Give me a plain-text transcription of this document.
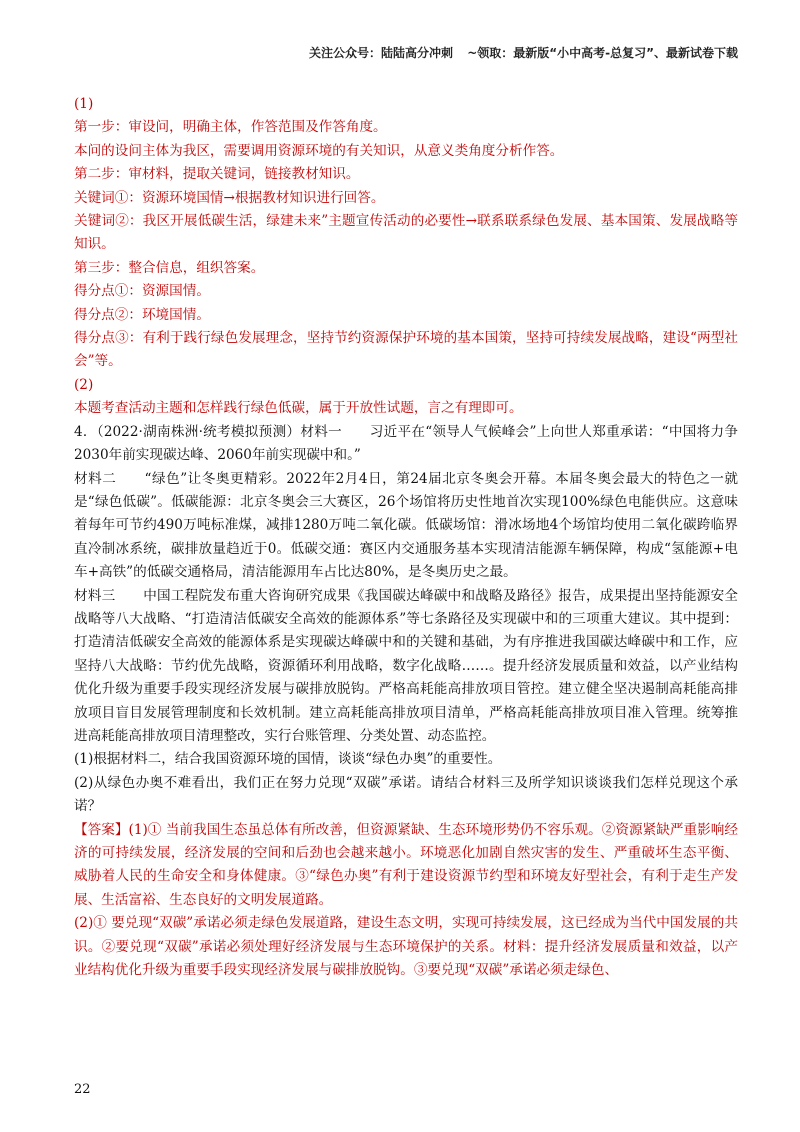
关注公众号：陆陆高分冲刺 ~领取：最新版“小中高考-总复习”、最新试卷下载

(1)

第一步：审设问，明确主体，作答范围及作答角度。

本问的设问主体为我区，需要调用资源环境的有关知识，从意义类角度分析作答。

第二步：审材料，提取关键词，链接教材知识。

关键词①：资源环境国情→根据教材知识进行回答。

关键词②：我区开展低碳生活，绿建未来”主题宣传活动的必要性→联系联系绿色发展、基本国策、发展战略等知识。

第三步：整合信息，组织答案。

得分点①：资源国情。

得分点②：环境国情。

得分点③：有利于践行绿色发展理念，坚持节约资源保护环境的基本国策，坚持可持续发展战略，建设“两型社会”等。

(2)

本题考查活动主题和怎样践行绿色低碳，属于开放性试题，言之有理即可。

4．（2022·湖南株洲·统考模拟预测）材料一　　习近平在“领导人气候峰会”上向世人郑重承诺：“中国将力争2030年前实现碳达峰、2060年前实现碳中和。”

材料二　　“绿色”让冬奥更精彩。2022年2月4日，第24届北京冬奥会开幕。本届冬奥会最大的特色之一就是“绿色低碳”。低碳能源：北京冬奥会三大赛区，26个场馆将历史性地首次实现100%绿色电能供应。这意味着每年可节约490万吨标准煤，减排1280万吨二氧化碳。低碳场馆：滑冰场地4个场馆均使用二氧化碳跨临界直冷制冰系统，碳排放量趋近于0。低碳交通：赛区内交通服务基本实现清洁能源车辆保障，构成“氢能源+电车+高铁”的低碳交通格局，清洁能源用车占比达80%，是冬奥历史之最。

材料三　　中国工程院发布重大咨询研究成果《我国碳达峰碳中和战略及路径》报告，成果提出坚持能源安全战略等八大战略、“打造清洁低碳安全高效的能源体系”等七条路径及实现碳中和的三项重大建议。其中提到：打造清洁低碳安全高效的能源体系是实现碳达峰碳中和的关键和基础，为有序推进我国碳达峰碳中和工作，应坚持八大战略：节约优先战略，资源循环利用战略，数字化战略……。提升经济发展质量和效益，以产业结构优化升级为重要手段实现经济发展与碳排放脱钩。严格高耗能高排放项目管控。建立健全坚决遏制高耗能高排放项目盲目发展管理制度和长效机制。建立高耗能高排放项目清单，严格高耗能高排放项目准入管理。统筹推进高耗能高排放项目清理整改，实行台账管理、分类处置、动态监控。

(1)根据材料二，结合我国资源环境的国情，谈谈“绿色办奥”的重要性。

(2)从绿色办奥不难看出，我们正在努力兑现“双碳”承诺。请结合材料三及所学知识谈谈我们怎样兑现这个承诺？

【答案】(1)① 当前我国生态虽总体有所改善，但资源紧缺、生态环境形势仍不容乐观。②资源紧缺严重影响经济的可持续发展，经济发展的空间和后劲也会越来越小。环境恶化加剧自然灾害的发生、严重破坏生态平衡、威胁着人民的生命安全和身体健康。③“绿色办奥”有利于建设资源节约型和环境友好型社会，有利于走生产发展、生活富裕、生态良好的文明发展道路。

(2)① 要兑现“双碳”承诺必须走绿色发展道路，建设生态文明，实现可持续发展，这已经成为当代中国发展的共识。②要兑现“双碳”承诺必须处理好经济发展与生态环境保护的关系。材料：提升经济发展质量和效益，以产业结构优化升级为重要手段实现经济发展与碳排放脱钩。③要兑现“双碳”承诺必须走绿色、

22
